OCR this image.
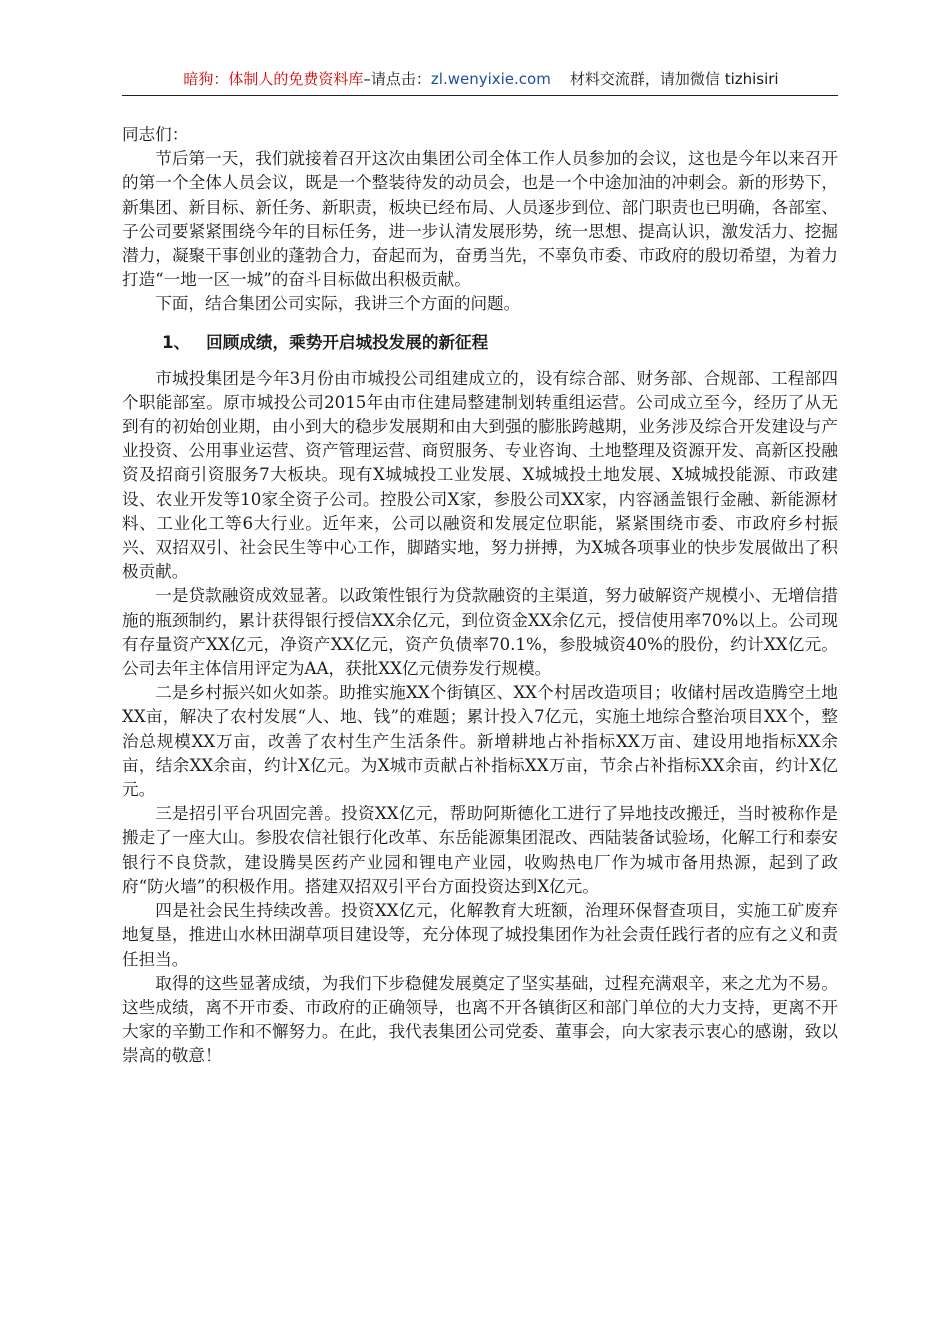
暗狗：体制人的免费资料库–请点击：zl.wenyixie.com 材料交流群，请加微信 tizhisiri

同志们：

节后第一天，我们就接着召开这次由集团公司全体工作人员参加的会议，这也是今年以来召开的第一个全体人员会议，既是一个整装待发的动员会，也是一个中途加油的冲刺会。新的形势下，新集团、新目标、新任务、新职责，板块已经布局、人员逐步到位、部门职责也已明确，各部室、子公司要紧紧围绕今年的目标任务，进一步认清发展形势，统一思想、提高认识，激发活力、挖掘潜力，凝聚干事创业的蓬勃合力，奋起而为，奋勇当先，不辜负市委、市政府的殷切希望，为着力打造“一地一区一城”的奋斗目标做出积极贡献。

下面，结合集团公司实际，我讲三个方面的问题。

1、 回顾成绩，乘势开启城投发展的新征程

市城投集团是今年3月份由市城投公司组建成立的，设有综合部、财务部、合规部、工程部四个职能部室。原市城投公司2015年由市住建局整建制划转重组运营。公司成立至今，经历了从无到有的初始创业期，由小到大的稳步发展期和由大到强的膨胀跨越期，业务涉及综合开发建设与产业投资、公用事业运营、资产管理运营、商贸服务、专业咨询、土地整理及资源开发、高新区投融资及招商引资服务7大板块。现有X城城投工业发展、X城城投土地发展、X城城投能源、市政建设、农业开发等10家全资子公司。控股公司X家，参股公司XX家，内容涵盖银行金融、新能源材料、工业化工等6大行业。近年来，公司以融资和发展定位职能，紧紧围绕市委、市政府乡村振兴、双招双引、社会民生等中心工作，脚踏实地，努力拼搏，为X城各项事业的快步发展做出了积极贡献。

一是贷款融资成效显著。以政策性银行为贷款融资的主渠道，努力破解资产规模小、无增信措施的瓶颈制约，累计获得银行授信XX余亿元，到位资金XX余亿元，授信使用率70%以上。公司现有存量资产XX亿元，净资产XX亿元，资产负债率70.1%，参股城资40%的股份，约计XX亿元。公司去年主体信用评定为AA，获批XX亿元债券发行规模。

二是乡村振兴如火如荼。助推实施XX个街镇区、XX个村居改造项目；收储村居改造腾空土地XX亩，解决了农村发展“人、地、钱”的难题；累计投入7亿元，实施土地综合整治项目XX个，整治总规模XX万亩，改善了农村生产生活条件。新增耕地占补指标XX万亩、建设用地指标XX余亩，结余XX余亩，约计X亿元。为X城市贡献占补指标XX万亩，节余占补指标XX余亩，约计X亿元。

三是招引平台巩固完善。投资XX亿元，帮助阿斯德化工进行了异地技改搬迁，当时被称作是搬走了一座大山。参股农信社银行化改革、东岳能源集团混改、西陆装备试验场，化解工行和泰安银行不良贷款，建设腾昊医药产业园和锂电产业园，收购热电厂作为城市备用热源，起到了政府“防火墙”的积极作用。搭建双招双引平台方面投资达到X亿元。

四是社会民生持续改善。投资XX亿元，化解教育大班额，治理环保督查项目，实施工矿废弃地复垦，推进山水林田湖草项目建设等，充分体现了城投集团作为社会责任践行者的应有之义和责任担当。

取得的这些显著成绩，为我们下步稳健发展奠定了坚实基础，过程充满艰辛，来之尤为不易。这些成绩，离不开市委、市政府的正确领导，也离不开各镇街区和部门单位的大力支持，更离不开大家的辛勤工作和不懈努力。在此，我代表集团公司党委、董事会，向大家表示衷心的感谢，致以崇高的敬意！
